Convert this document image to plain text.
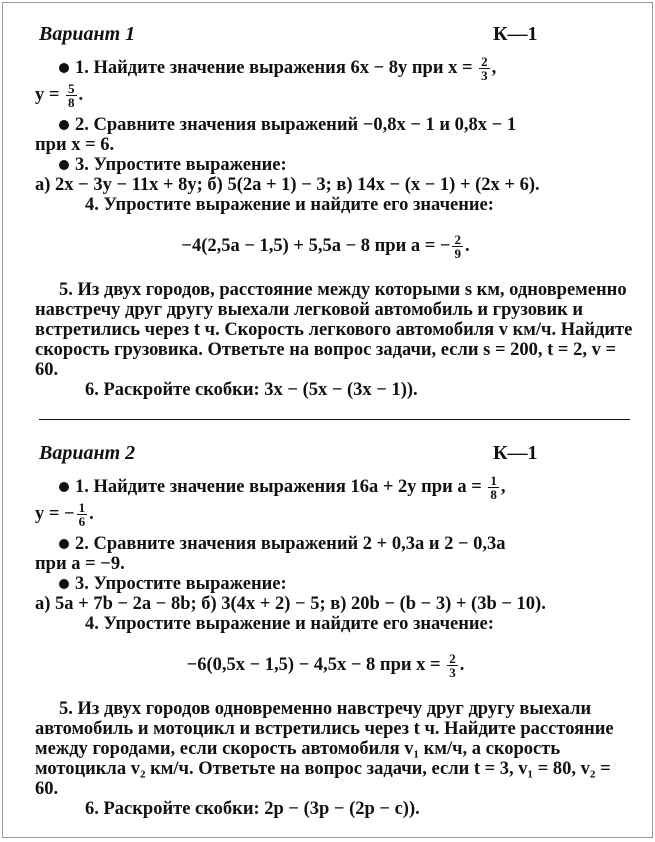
Вариант 1	К—1

1. Найдите значение выражения 6x − 8y при $x = \frac{2}{3}$ ,

$y = \frac{5}{8}$ .

2. Сравните значения выражений −0,8x − 1 и 0,8x − 1

при x = 6.

3. Упростите выражение:

а) 2x − 3y − 11x + 8y; б) 5(2a + 1) − 3; в) 14x − (x − 1) + (2x + 6).

4. Упростите выражение и найдите его значение:

−4(2,5a − 1,5) + 5,5a − 8 при a = − $\frac{2}{9}$ .

5. Из двух городов, расстояние между которыми s км, одновременно навстречу друг другу выехали легковой автомобиль и грузовик и встретились через t ч. Скорость легкового автомобиля v км/ч. Найдите скорость грузовика. Ответьте на вопрос задачи, если s = 200, t = 2, v = 60.

6. Раскройте скобки: 3x − (5x − (3x − 1)).

Вариант 2	К—1

1. Найдите значение выражения 16a + 2y при $a = \frac{1}{8}$ ,

y = − $\frac{1}{6}$ .

2. Сравните значения выражений 2 + 0,3a и 2 − 0,3a

при a = −9.

3. Упростите выражение:

а) 5a + 7b − 2a − 8b; б) 3(4x + 2) − 5; в) 20b − (b − 3) + (3b − 10).

4. Упростите выражение и найдите его значение:

−6(0,5x − 1,5) − 4,5x − 8 при $x = \frac{2}{3}$ .

5. Из двух городов одновременно навстречу друг другу выехали автомобиль и мотоцикл и встретились через t ч. Найдите расстояние между городами, если скорость автомобиля v₁ км/ч, а скорость мотоцикла v₂ км/ч. Ответьте на вопрос задачи, если t = 3, v₁ = 80, v₂ = 60.

6. Раскройте скобки: 2p − (3p − (2p − c)).
